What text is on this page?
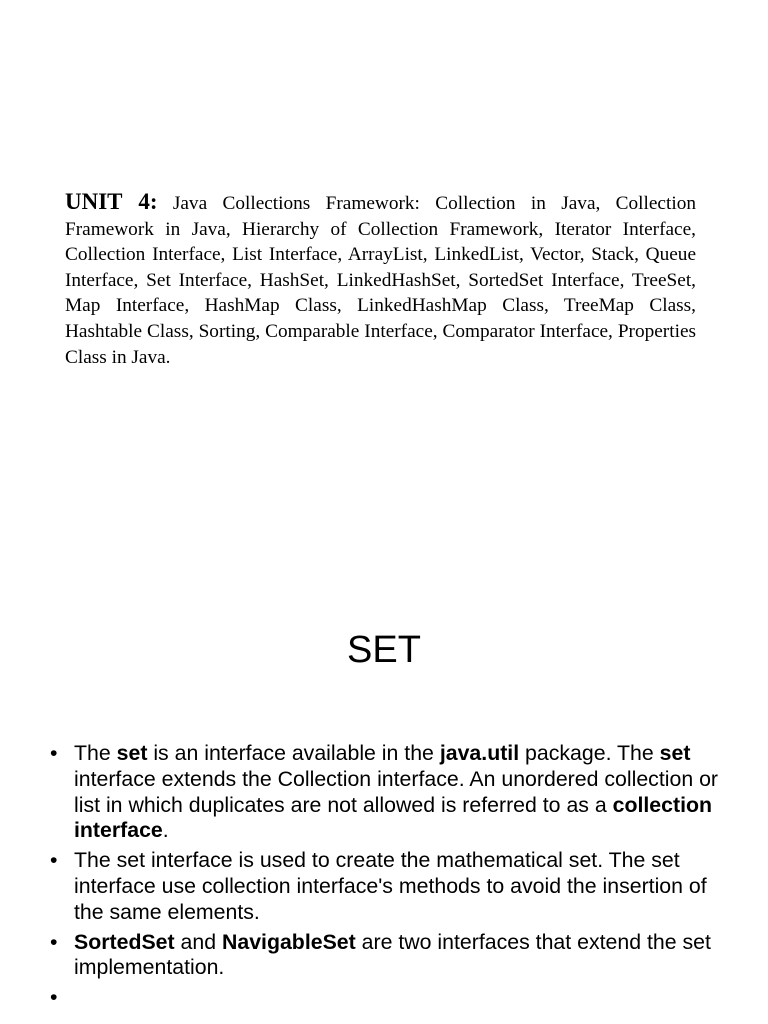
UNIT 4: Java Collections Framework: Collection in Java, Collection Framework in Java, Hierarchy of Collection Framework, Iterator Interface, Collection Interface, List Interface, ArrayList, LinkedList, Vector, Stack, Queue Interface, Set Interface, HashSet, LinkedHashSet, SortedSet Interface, TreeSet, Map Interface, HashMap Class, LinkedHashMap Class, TreeMap Class, Hashtable Class, Sorting, Comparable Interface, Comparator Interface, Properties Class in Java.

SET
• The set is an interface available in the java.util package. The set interface extends the Collection interface. An unordered collection or list in which duplicates are not allowed is referred to as a collection interface.
• The set interface is used to create the mathematical set. The set interface use collection interface's methods to avoid the insertion of the same elements.
• SortedSet and NavigableSet are two interfaces that extend the set implementation.
•
